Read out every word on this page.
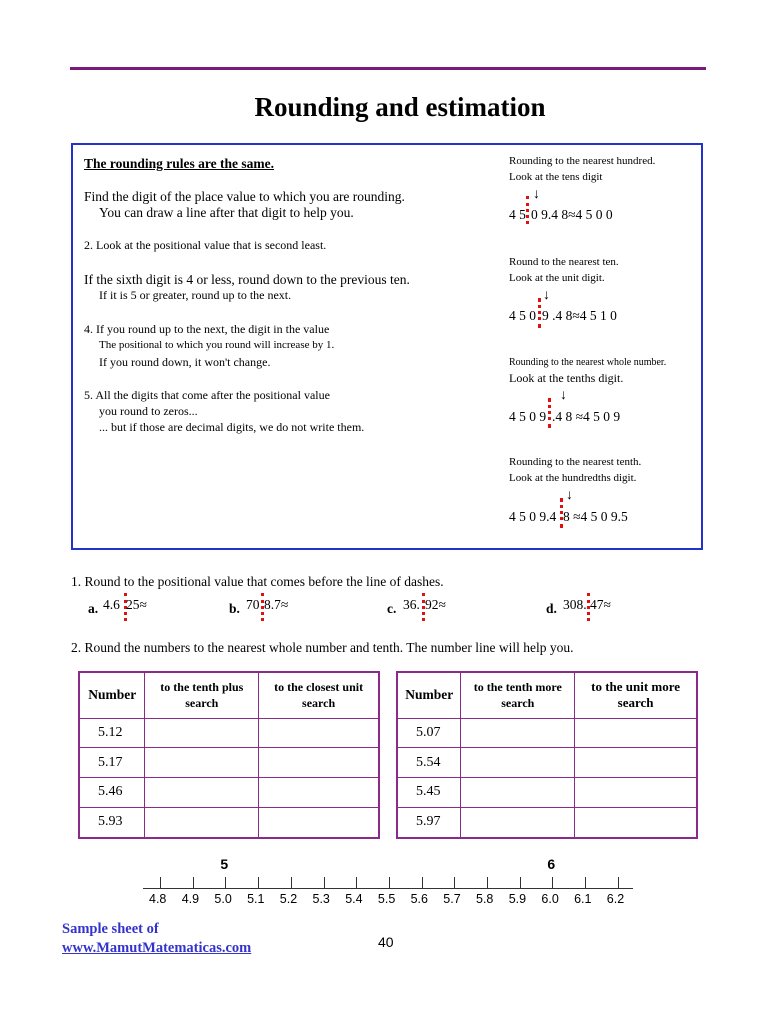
Rounding and estimation
The rounding rules are the same.
Find the digit of the place value to which you are rounding.
You can draw a line after that digit to help you.
2. Look at the positional value that is second least.
If the sixth digit is 4 or less, round down to the previous ten.
If it is 5 or greater, round up to the next.
4. If you round up to the next, the digit in the value
The positional to which you round will increase by 1.
If you round down, it won't change.
5. All the digits that come after the positional value
you round to zeros...
... but if those are decimal digits, we do not write them.
Rounding to the nearest hundred.
Look at the tens digit
↓
4 5 0 9.4 8≈4 5 0 0
Round to the nearest ten.
Look at the unit digit.
↓
4 5 0 9 .4 8≈4 5 1 0
Rounding to the nearest whole number.
Look at the tenths digit.
↓
4 5 0 9 .4 8 ≈4 5 0 9
Rounding to the nearest tenth.
Look at the hundredths digit.
↓
4 5 0 9.4 8 ≈4 5 0 9.5
1. Round to the positional value that comes before the line of dashes.
a. 4.6 25≈	b. 70 8.7≈	c. 36. 92≈	d. 308. 47≈
2. Round the numbers to the nearest whole number and tenth. The number line will help you.
Number	to the tenth plus search	to the closest unit search
5.12		
5.17		
5.46		
5.93		
Number	to the tenth more search	to the unit more search
5.07		
5.54		
5.45		
5.97		
4.8 4.9 5.0 5.1 5.2 5.3 5.4 5.5 5.6 5.7 5.8 5.9 6.0 6.1 6.2
5	6
Sample sheet of
www.MamutMatematicas.com	40
